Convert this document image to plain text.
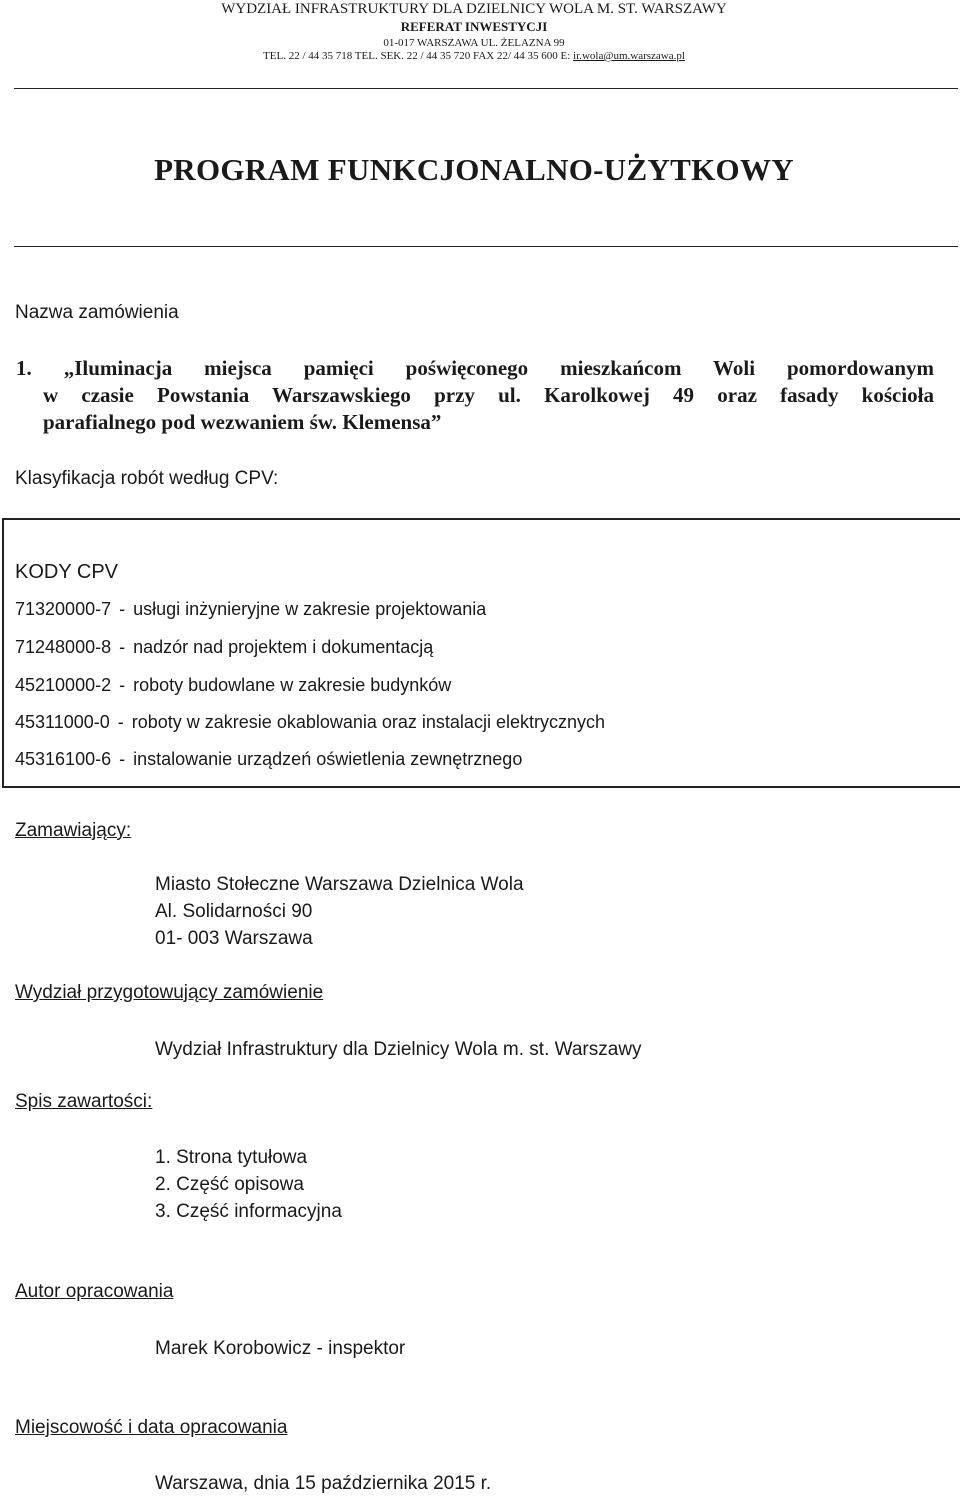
WYDZIAŁ INFRASTRUKTURY DLA DZIELNICY WOLA M. ST. WARSZAWY
REFERAT INWESTYCJI
01-017 WARSZAWA UL. ŻELAZNA 99
TEL. 22 / 44 35 718 TEL. SEK. 22 / 44 35 720 FAX 22/ 44 35 600 E: ir.wola@um.warszawa.pl
PROGRAM FUNKCJONALNO-UŻYTKOWY
Nazwa zamówienia
1. „Iluminacja miejsca pamięci poświęconego mieszkańcom Woli pomordowanym
w czasie Powstania Warszawskiego przy ul. Karolkowej 49 oraz fasady kościoła
parafialnego pod wezwaniem św. Klemensa”
Klasyfikacja robót według CPV:
KODY CPV
71320000-7 - usługi inżynieryjne w zakresie projektowania
71248000-8 - nadzór nad projektem i dokumentacją
45210000-2 - roboty budowlane w zakresie budynków
45311000-0 - roboty w zakresie okablowania oraz instalacji elektrycznych
45316100-6 - instalowanie urządzeń oświetlenia zewnętrznego
Zamawiający:
Miasto Stołeczne Warszawa Dzielnica Wola
Al. Solidarności 90
01- 003 Warszawa
Wydział przygotowujący zamówienie
Wydział Infrastruktury dla Dzielnicy Wola m. st. Warszawy
Spis zawartości:
1. Strona tytułowa
2. Część opisowa
3. Część informacyjna
Autor opracowania
Marek Korobowicz - inspektor
Miejscowość i data opracowania
Warszawa, dnia 15 października 2015 r.
